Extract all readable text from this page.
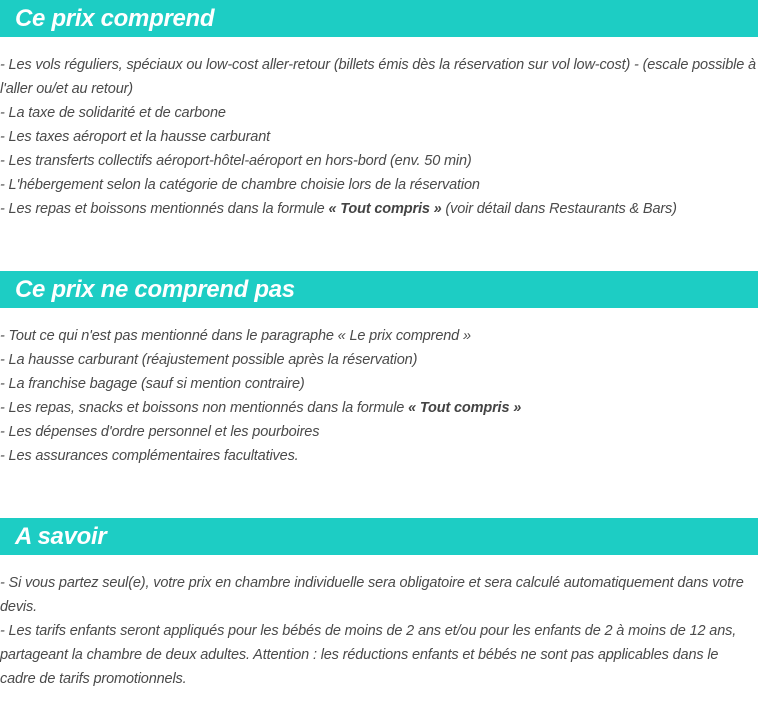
Ce prix comprend
- Les vols réguliers, spéciaux ou low-cost aller-retour (billets émis dès la réservation sur vol low-cost) - (escale possible à l'aller ou/et au retour)
- La taxe de solidarité et de carbone
- Les taxes aéroport et la hausse carburant
- Les transferts collectifs aéroport-hôtel-aéroport en hors-bord (env. 50 min)
- L'hébergement selon la catégorie de chambre choisie lors de la réservation
- Les repas et boissons mentionnés dans la formule « Tout compris » (voir détail dans Restaurants & Bars)
Ce prix ne comprend pas
- Tout ce qui n'est pas mentionné dans le paragraphe « Le prix comprend »
- La hausse carburant (réajustement possible après la réservation)
- La franchise bagage (sauf si mention contraire)
- Les repas, snacks et boissons non mentionnés dans la formule « Tout compris »
- Les dépenses d'ordre personnel et les pourboires
- Les assurances complémentaires facultatives.
A savoir
- Si vous partez seul(e), votre prix en chambre individuelle sera obligatoire et sera calculé automatiquement dans votre devis.
- Les tarifs enfants seront appliqués pour les bébés de moins de 2 ans et/ou pour les enfants de 2 à moins de 12 ans, partageant la chambre de deux adultes. Attention : les réductions enfants et bébés ne sont pas applicables dans le cadre de tarifs promotionnels.
